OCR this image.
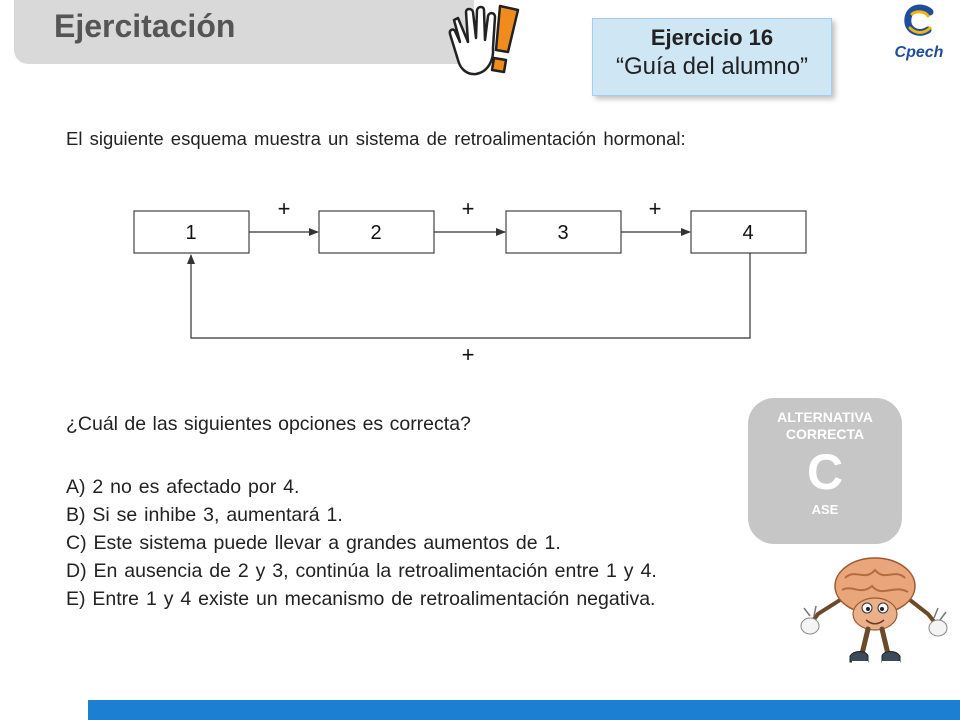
Ejercitación	Ejercicio 16
“Guía del alumno”
Cpech
El siguiente esquema muestra un sistema de retroalimentación hormonal:
1	2	3	4
+	+	+
+
¿Cuál de las siguientes opciones es correcta?
A) 2 no es afectado por 4.
B) Si se inhibe 3, aumentará 1.
C) Este sistema puede llevar a grandes aumentos de 1.
D) En ausencia de 2 y 3, continúa la retroalimentación entre 1 y 4.
E) Entre 1 y 4 existe un mecanismo de retroalimentación negativa.
ALTERNATIVA
CORRECTA
C
ASE
